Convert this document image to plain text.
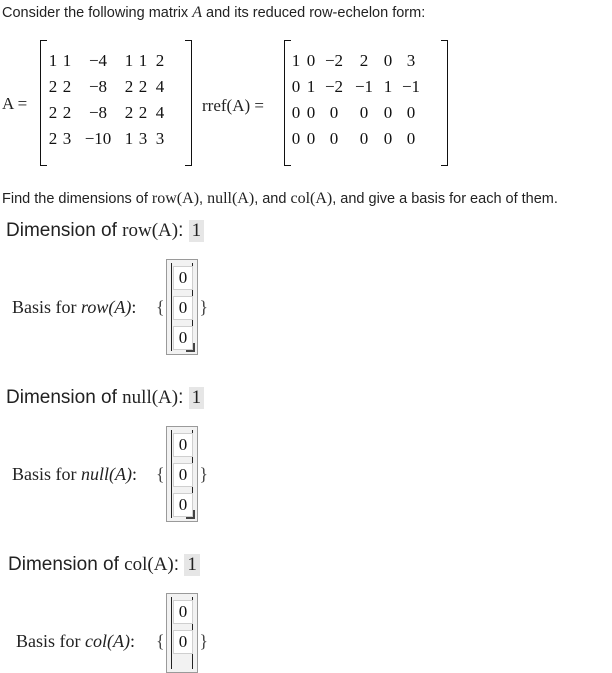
Consider the following matrix A and its reduced row-echelon form:
A =
1 1	−4	1 1 2
2 2	−8	2 2 4
2 2	−8	2 2 4
2 3 −10 1 3 3
rref(A) =
1 0 −2 2 0 3
0 1 −2 −1 1 −1
0 0 0	0 0 0
0 0 0	0 0 0
Find the dimensions of row(A), null(A), and col(A), and give a basis for each of them.
Dimension of row(A): 1
Basis for row(A): {
0
0
0
}
Dimension of null(A): 1
Basis for null(A): {
0
0
0
}
Dimension of col(A): 1
Basis for col(A): {
0
0 }
